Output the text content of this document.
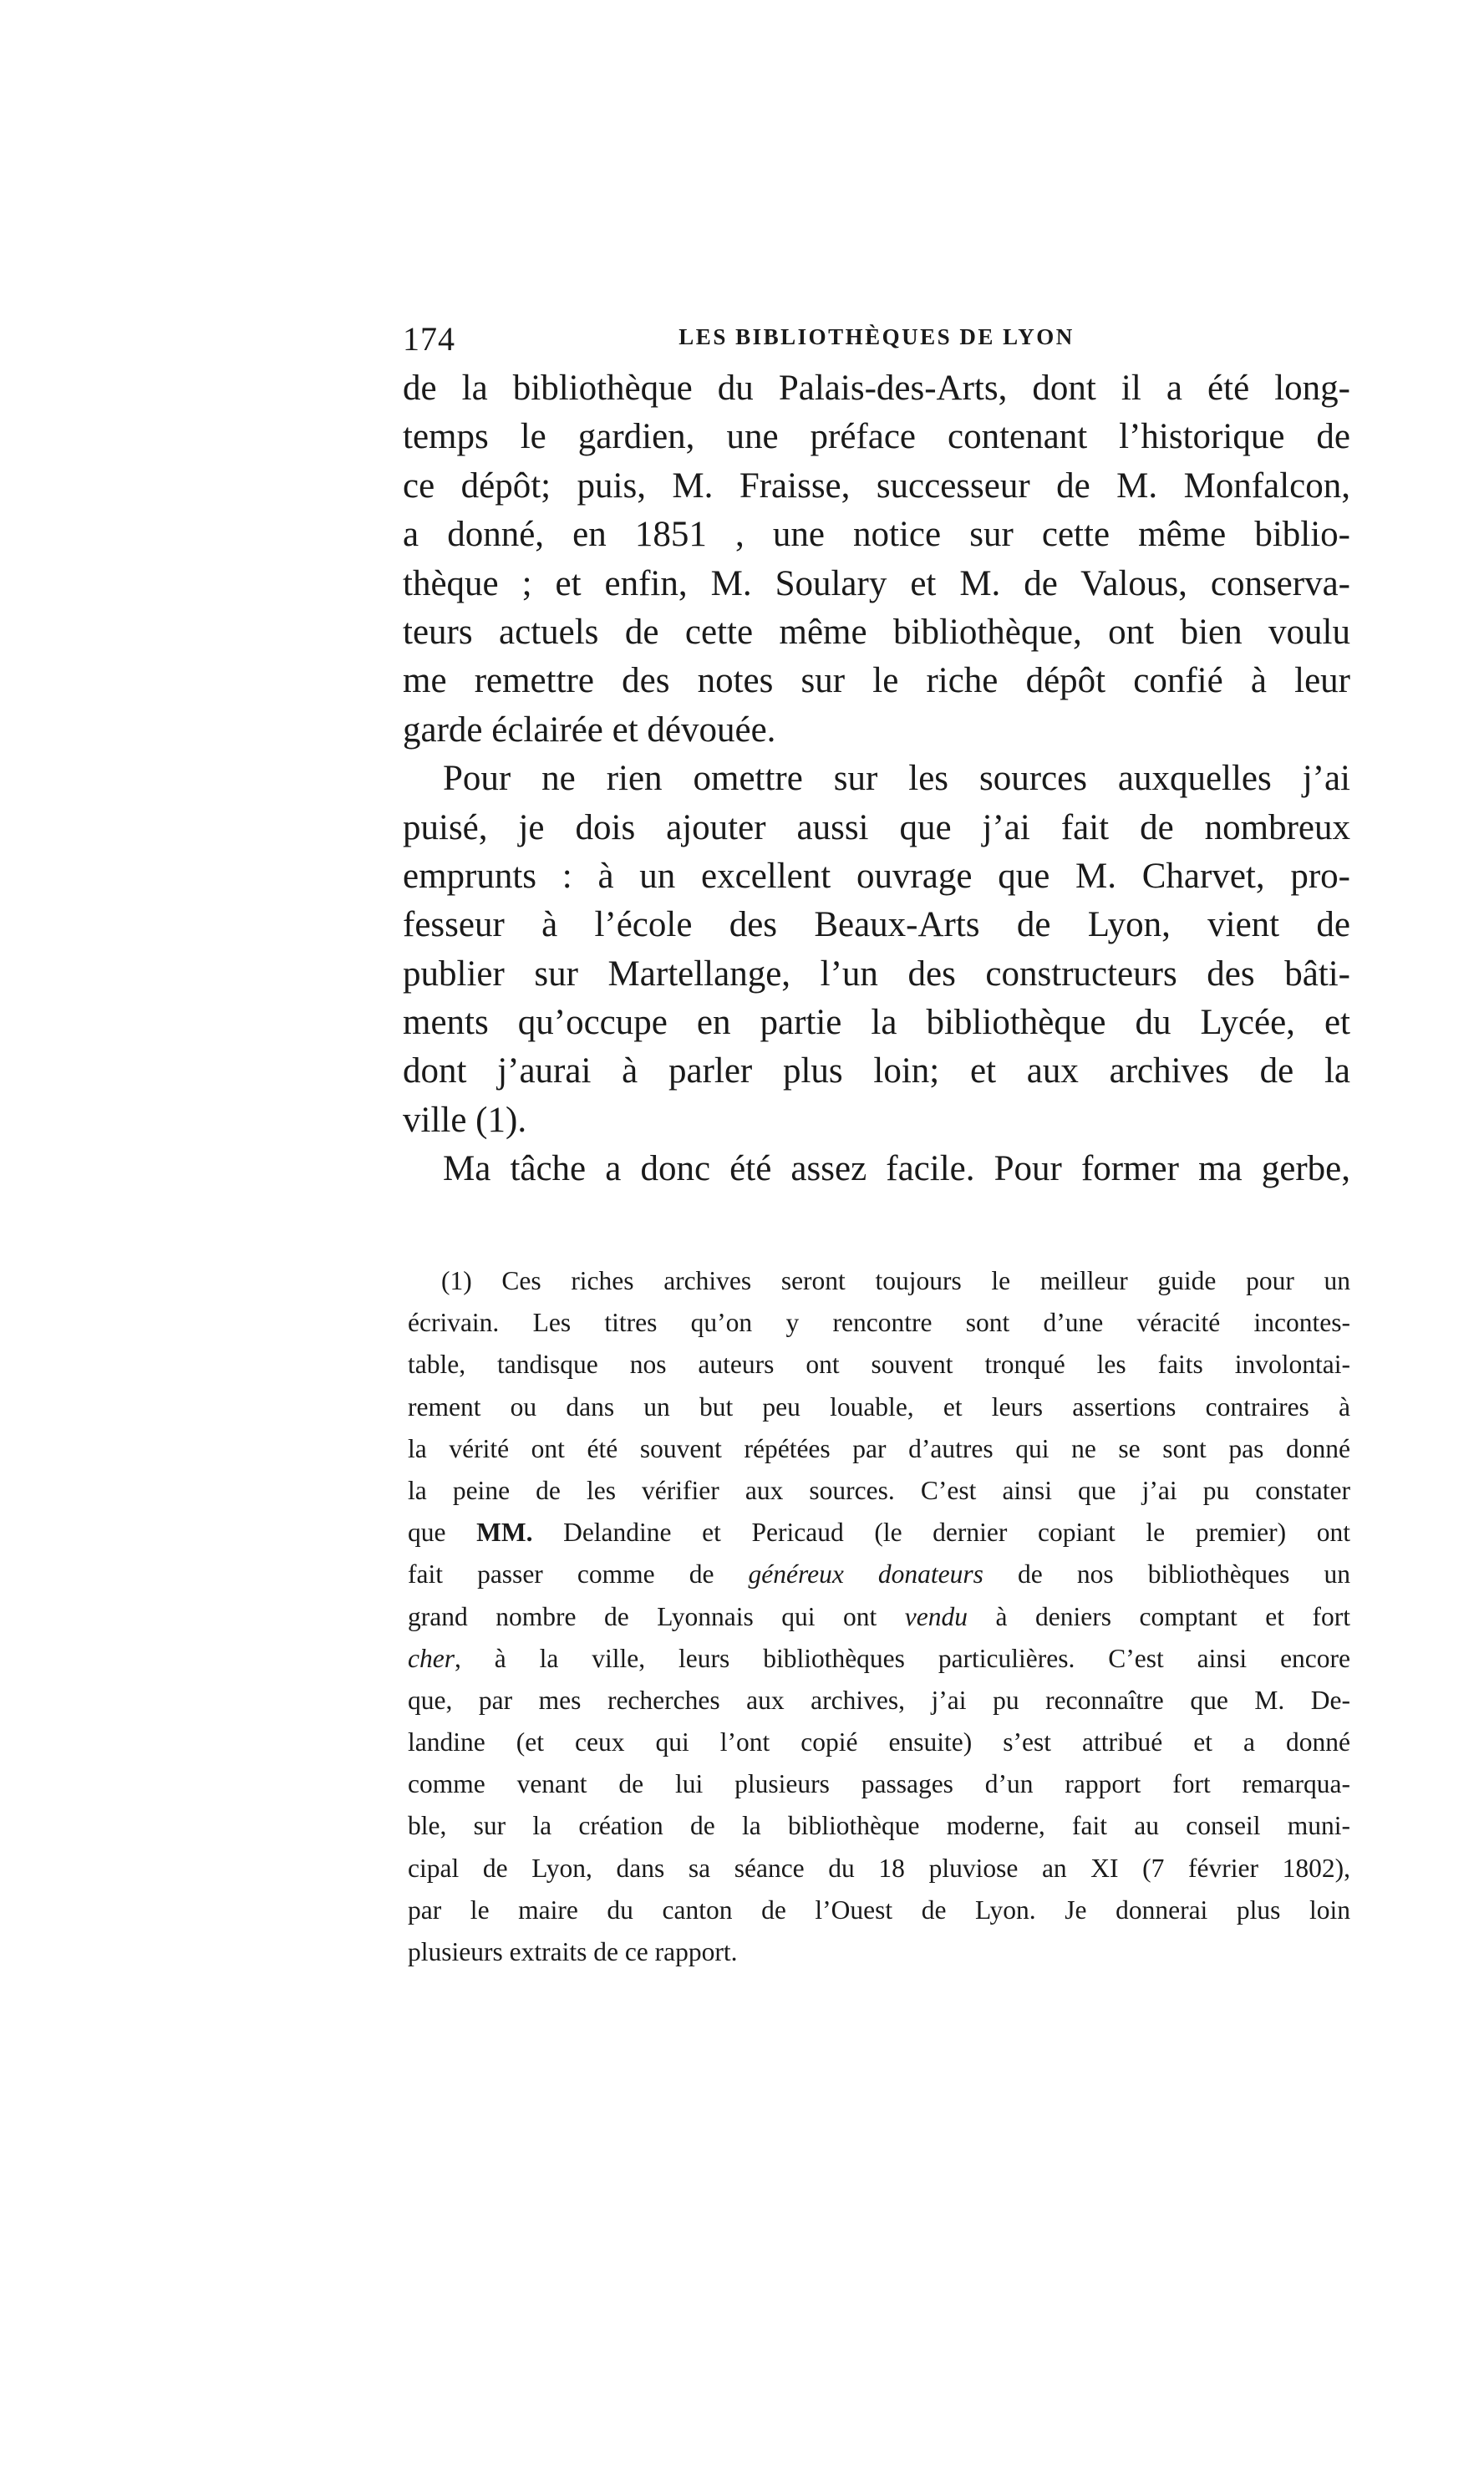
174	LES BIBLIOTHÈQUES DE LYON
de la bibliothèque du Palais-des-Arts, dont il a été long-
temps le gardien, une préface contenant l’historique de
ce dépôt; puis, M. Fraisse, successeur de M. Monfalcon,
a donné, en 1851 , une notice sur cette même biblio-
thèque ; et enfin, M. Soulary et M. de Valous, conserva-
teurs actuels de cette même bibliothèque, ont bien voulu
me remettre des notes sur le riche dépôt confié à leur
garde éclairée et dévouée.
Pour ne rien omettre sur les sources auxquelles j’ai
puisé, je dois ajouter aussi que j’ai fait de nombreux
emprunts : à un excellent ouvrage que M. Charvet, pro-
fesseur à l’école des Beaux-Arts de Lyon, vient de
publier sur Martellange, l’un des constructeurs des bâti-
ments qu’occupe en partie la bibliothèque du Lycée, et
dont j’aurai à parler plus loin; et aux archives de la
ville (1).
Ma tâche a donc été assez facile. Pour former ma gerbe,
(1) Ces riches archives seront toujours le meilleur guide pour un
écrivain. Les titres qu’on y rencontre sont d’une véracité incontes-
table, tandisque nos auteurs ont souvent tronqué les faits involontai-
rement ou dans un but peu louable, et leurs assertions contraires à
la vérité ont été souvent répétées par d’autres qui ne se sont pas donné
la peine de les vérifier aux sources. C’est ainsi que j’ai pu constater
que MM. Delandine et Pericaud (le dernier copiant le premier) ont
fait passer comme de généreux donateurs de nos bibliothèques un
grand nombre de Lyonnais qui ont vendu à deniers comptant et fort
cher, à la ville, leurs bibliothèques particulières. C’est ainsi encore
que, par mes recherches aux archives, j’ai pu reconnaître que M. De-
landine (et ceux qui l’ont copié ensuite) s’est attribué et a donné
comme venant de lui plusieurs passages d’un rapport fort remarqua-
ble, sur la création de la bibliothèque moderne, fait au conseil muni-
cipal de Lyon, dans sa séance du 18 pluviose an XI (7 février 1802),
par le maire du canton de l’Ouest de Lyon. Je donnerai plus loin
plusieurs extraits de ce rapport.
